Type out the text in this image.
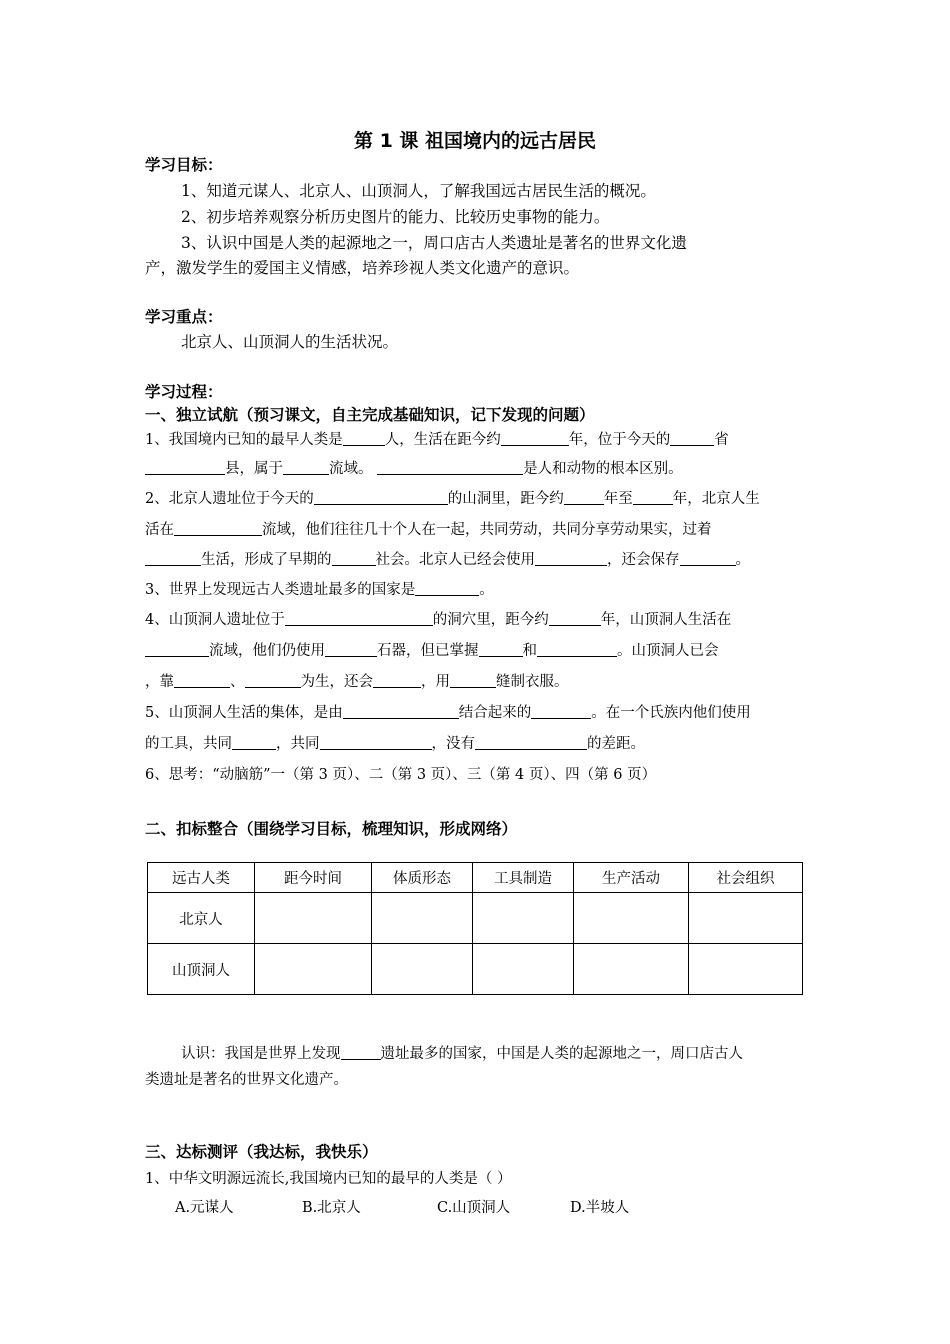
第 1 课 祖国境内的远古居民
学习目标：
1、知道元谋人、北京人、山顶洞人，了解我国远古居民生活的概况。
2、初步培养观察分析历史图片的能力、比较历史事物的能力。
3、认识中国是人类的起源地之一，周口店古人类遗址是著名的世界文化遗
产，激发学生的爱国主义情感，培养珍视人类文化遗产的意识。
学习重点：
北京人、山顶洞人的生活状况。
学习过程：
一、独立试航（预习课文，自主完成基础知识，记下发现的问题）
1、我国境内已知的最早人类是	人，生活在距今约	年，位于今天的	省
县，属于	流域。	是人和动物的根本区别。
2、北京人遗址位于今天的	的山洞里，距今约	年至	年，北京人生
活在	流域，他们往往几十个人在一起，共同劳动，共同分享劳动果实，过着
生活，形成了早期的	社会。北京人已经会使用	，还会保存	。
3、世界上发现远古人类遗址最多的国家是	。
4、山顶洞人遗址位于	的洞穴里，距今约	年，山顶洞人生活在
流域，他们仍使用	石器，但已掌握	和	。山顶洞人已会
，靠	、	为生，还会	，用	缝制衣服。
5、山顶洞人生活的集体，是由	结合起来的	。在一个氏族内他们使用
的工具，共同	，共同	，没有	的差距。
6、思考：“动脑筋”一（第 3 页）、二（第 3 页）、三（第 4 页）、四（第 6 页）
二、扣标整合（围绕学习目标，梳理知识，形成网络）
远古人类	距今时间	体质形态	工具制造	生产活动	社会组织
北京人					
山顶洞人					
认识：我国是世界上发现	遗址最多的国家，中国是人类的起源地之一，周口店古人
类遗址是著名的世界文化遗产。
三、达标测评（我达标，我快乐）
1、中华文明源远流长,我国境内已知的最早的人类是（ ）
A.元谋人	B.北京人	C.山顶洞人	D.半坡人
